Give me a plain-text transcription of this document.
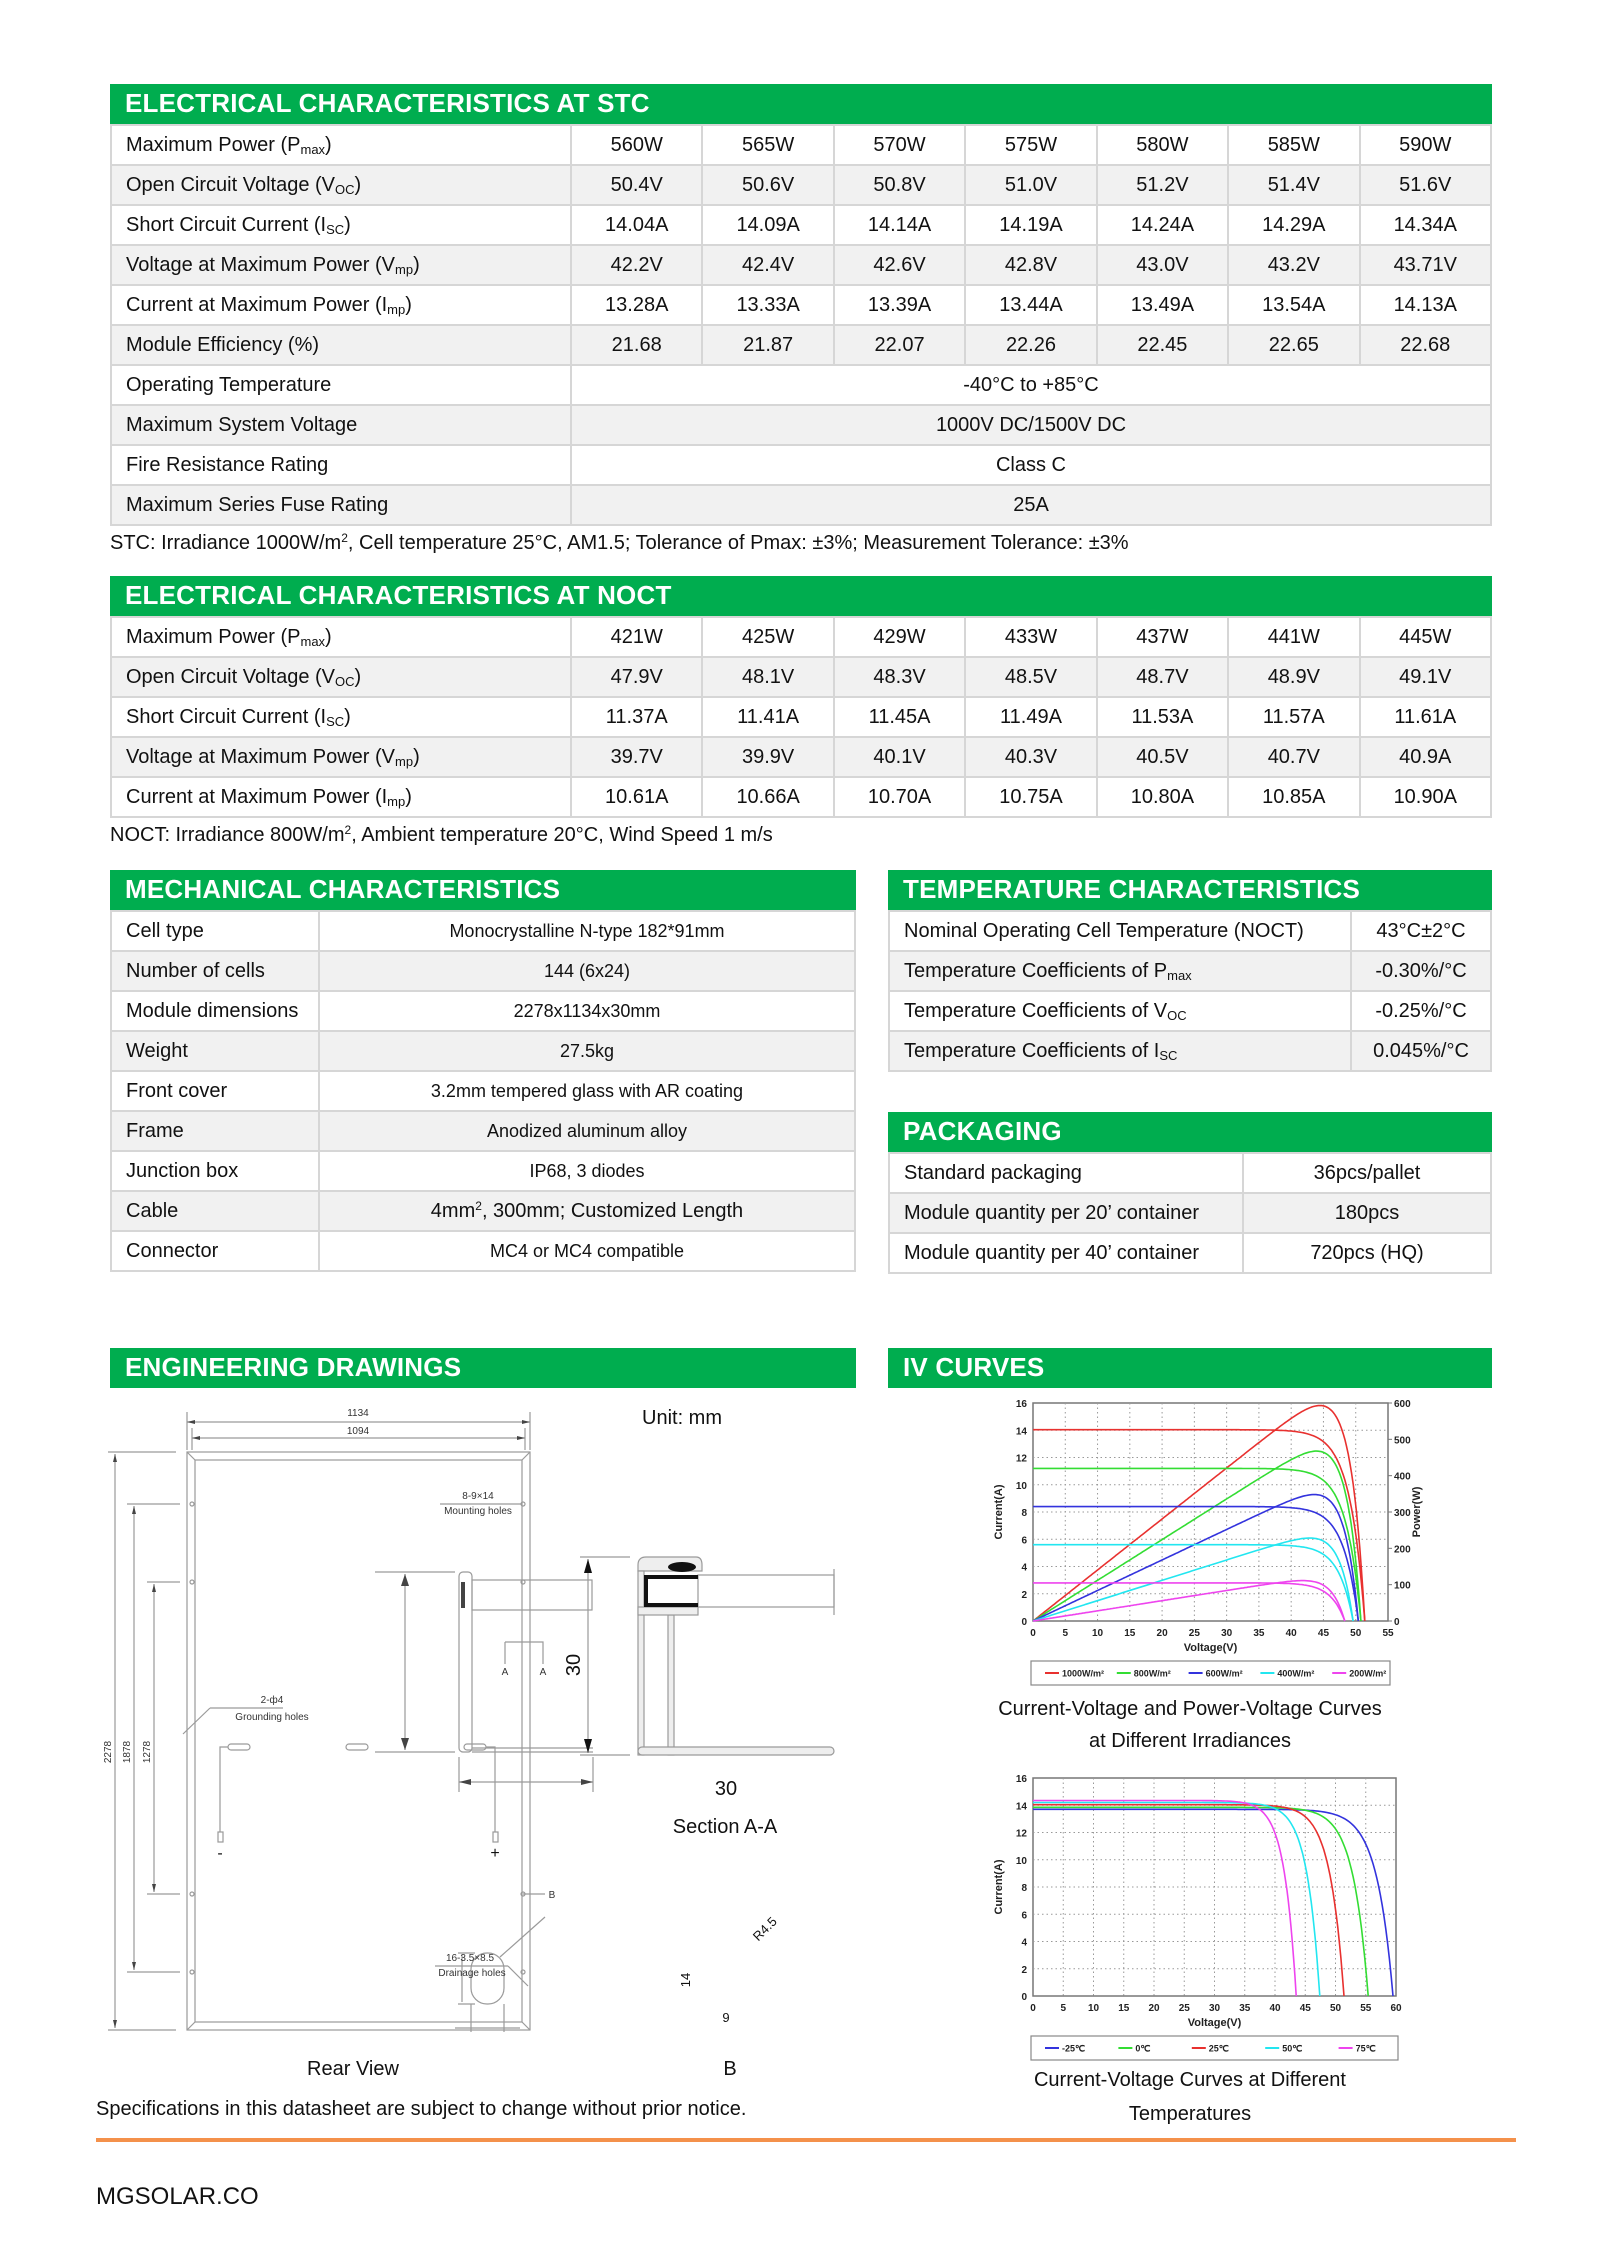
ELECTRICAL CHARACTERISTICS AT STC
Maximum Power $(P_{max})$	560W	565W	570W	575W	580W	585W	590W
Open Circuit Voltage $(V_{OC})$	50.4V	50.6V	50.8V	51.0V	51.2V	51.4V	51.6V
Short Circuit Current $(I_{SC})$	14.04A	14.09A	14.14A	14.19A	14.24A	14.29A	14.34A
Voltage at Maximum Power $(V_{mp})$	42.2V	42.4V	42.6V	42.8V	43.0V	43.2V	43.71V
Current at Maximum Power $(I_{mp})$	13.28A	13.33A	13.39A	13.44A	13.49A	13.54A	14.13A
Module Efficiency (%)	21.68	21.87	22.07	22.26	22.45	22.65	22.68
Operating Temperature	-40°C to +85°C						
Maximum System Voltage	1000V DC/1500V DC						
Fire Resistance Rating	Class C						
Maximum Series Fuse Rating	25A						
STC: Irradiance $1000W/m^2$, Cell temperature 25°C, AM1.5; Tolerance of Pmax: ±3%; Measurement Tolerance: ±3%
ELECTRICAL CHARACTERISTICS AT NOCT
Maximum Power $(P_{max})$	421W	425W	429W	433W	437W	441W	445W
Open Circuit Voltage $(V_{OC})$	47.9V	48.1V	48.3V	48.5V	48.7V	48.9V	49.1V
Short Circuit Current $(I_{SC})$	11.37A	11.41A	11.45A	11.49A	11.53A	11.57A	11.61A
Voltage at Maximum Power $(V_{mp})$	39.7V	39.9V	40.1V	40.3V	40.5V	40.7V	40.9A
Current at Maximum Power $(I_{mp})$	10.61A	10.66A	10.70A	10.75A	10.80A	10.85A	10.90A
NOCT: Irradiance $800W/m^2$, Ambient temperature 20°C, Wind Speed 1 m/s
MECHANICAL CHARACTERISTICS
Cell type	Monocrystalline N-type 182*91mm
Number of cells	144 (6x24)
Module dimensions	2278x1134x30mm
Weight	27.5kg
Front cover	3.2mm tempered glass with AR coating
Frame	Anodized aluminum alloy
Junction box	IP68, 3 diodes
Cable	$4mm^2$, 300mm; Customized Length
Connector	MC4 or MC4 compatible
TEMPERATURE CHARACTERISTICS
Nominal Operating Cell Temperature (NOCT)	43°C±2°C
Temperature Coefficients of $P_{max}$	-0.30%/°C
Temperature Coefficients of $V_{OC}$	-0.25%/°C
Temperature Coefficients of $I_{SC}$	0.045%/°C
PACKAGING
Standard packaging	36pcs/pallet
Module quantity per 20’ container	180pcs
Module quantity per 40’ container	720pcs (HQ)
ENGINEERING DRAWINGS
1134
1094
2278 1878 1278
8-9×14
Mounting holes
2-ф4
Grounding holes
16-3.5×8.5
Drainage holes
A	A
B
-	+
Unit: mm
Rear View
30
30
Section A-A
R4.5
14
9
B
IV CURVES
0	5 10 15 20 25 30 35 40 45 50 55
0
2
4
6
8
10
12
14
16
0
100
200
300
400
500
600
Power(W)
Voltage(V)
Current(A)
1000W/m²	800W/m²	600W/m²	400W/m²	200W/m²
Current-Voltage and Power-Voltage Curves
at Different Irradiances
0 5 10 15 20 25 30 35 40 45 50 55 60
0
2
4
6
8
10
12
14
16
Voltage(V)
Current(A)
-25℃	0℃	25℃	50℃	75℃
Current-Voltage Curves at Different
Temperatures
Specifications in this datasheet are subject to change without prior notice.
MGSOLAR.CO
